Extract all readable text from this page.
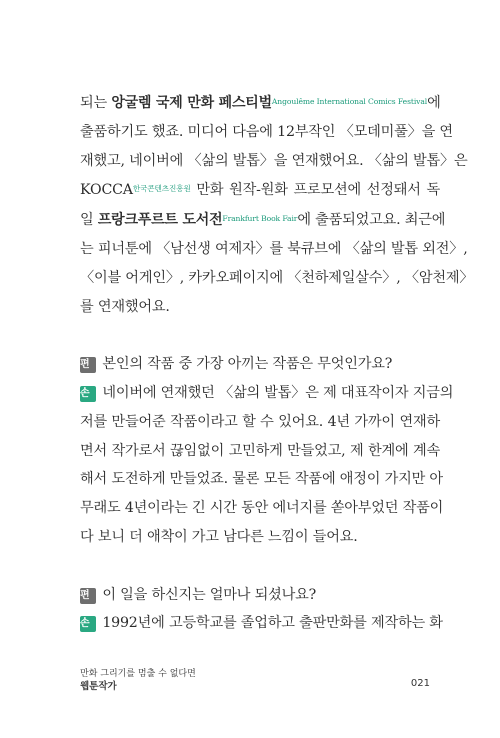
되는 앙굴렘 국제 만화 페스티벌$^{Angoulême International Comics Festival}$에
출품하기도 했죠. 미디어 다음에 12부작인 〈모데미풀〉을 연
재했고, 네이버에 〈삶의 발톱〉을 연재했어요. 〈삶의 발톱〉은
$KOCCA^{한국콘텐츠진흥원}$ 만화 원작-원화 프로모션에 선정돼서 독
일 프랑크푸르트 도서전$^{Frankfurt Book Fair}$에 출품되었고요. 최근에
는 피너툰에 〈남선생 여제자〉를 북큐브에 〈삶의 발톱 외전〉,
〈이블 어게인〉, 카카오페이지에 〈천하제일살수〉, 〈암천제〉
를 연재했어요.
편 본인의 작품 중 가장 아끼는 작품은 무엇인가요?
손 네이버에 연재했던 〈삶의 발톱〉은 제 대표작이자 지금의
저를 만들어준 작품이라고 할 수 있어요. 4년 가까이 연재하
면서 작가로서 끊임없이 고민하게 만들었고, 제 한계에 계속
해서 도전하게 만들었죠. 물론 모든 작품에 애정이 가지만 아
무래도 4년이라는 긴 시간 동안 에너지를 쏟아부었던 작품이
다 보니 더 애착이 가고 남다른 느낌이 들어요.
편 이 일을 하신지는 얼마나 되셨나요?
손 1992년에 고등학교를 졸업하고 출판만화를 제작하는 화
만화 그리기를 멈출 수 없다면
웹툰작가	021
